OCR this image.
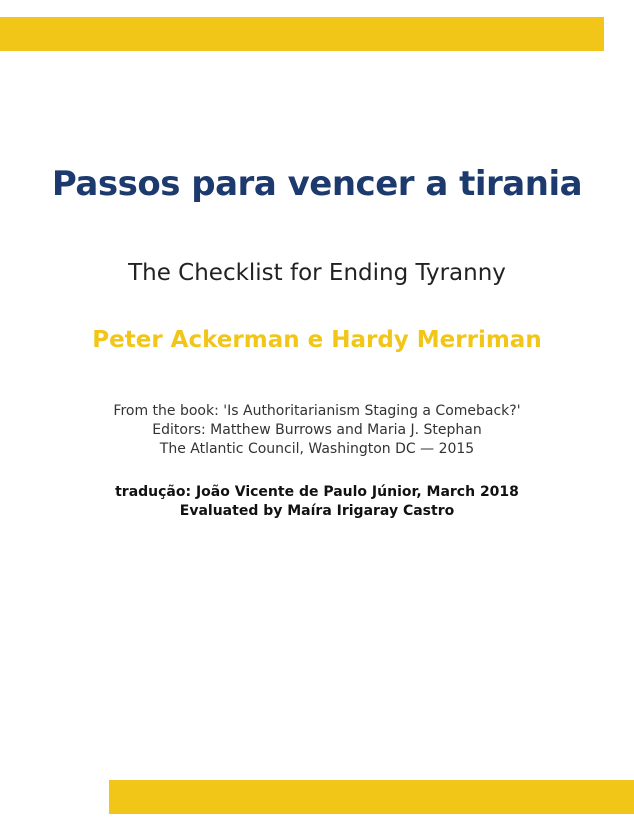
Passos para vencer a tirania
The Checklist for Ending Tyranny
Peter Ackerman e Hardy Merriman
From the book: 'Is Authoritarianism Staging a Comeback?'
Editors: Matthew Burrows and Maria J. Stephan
The Atlantic Council, Washington DC — 2015
tradução: João Vicente de Paulo Júnior, March 2018
Evaluated by Maíra Irigaray Castro
